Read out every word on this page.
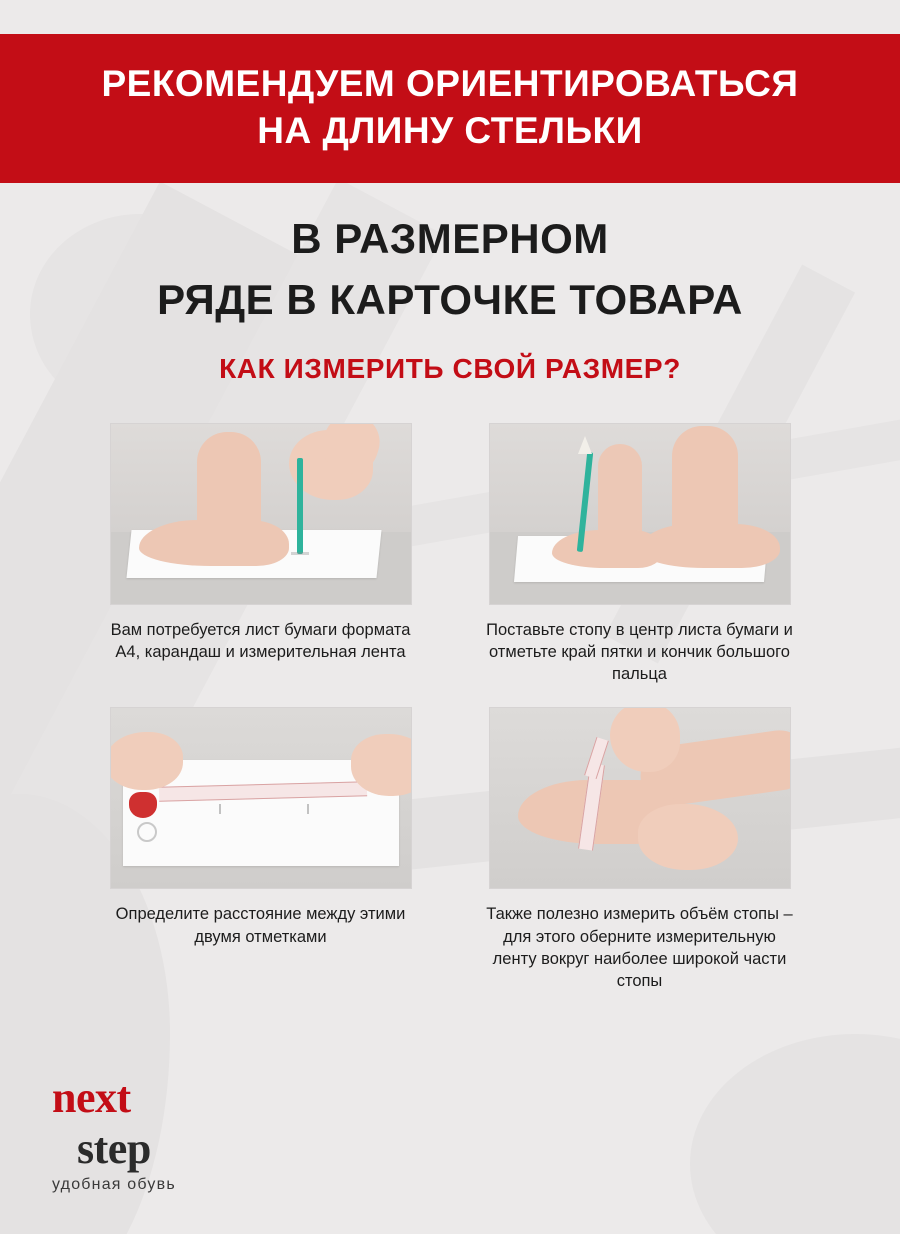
РЕКОМЕНДУЕМ ОРИЕНТИРОВАТЬСЯ
НА ДЛИНУ СТЕЛЬКИ
В РАЗМЕРНОМ
РЯДЕ В КАРТОЧКЕ ТОВАРА
КАК ИЗМЕРИТЬ СВОЙ РАЗМЕР?
Вам потребуется лист бумаги формата А4, карандаш и измерительная лента
Поставьте стопу в центр листа бумаги и отметьте край пятки и кончик большого пальца
Определите расстояние между этими двумя отметками
Также полезно измерить объём стопы – для этого оберните измерительную ленту вокруг наиболее широкой части стопы
next
step
удобная обувь
